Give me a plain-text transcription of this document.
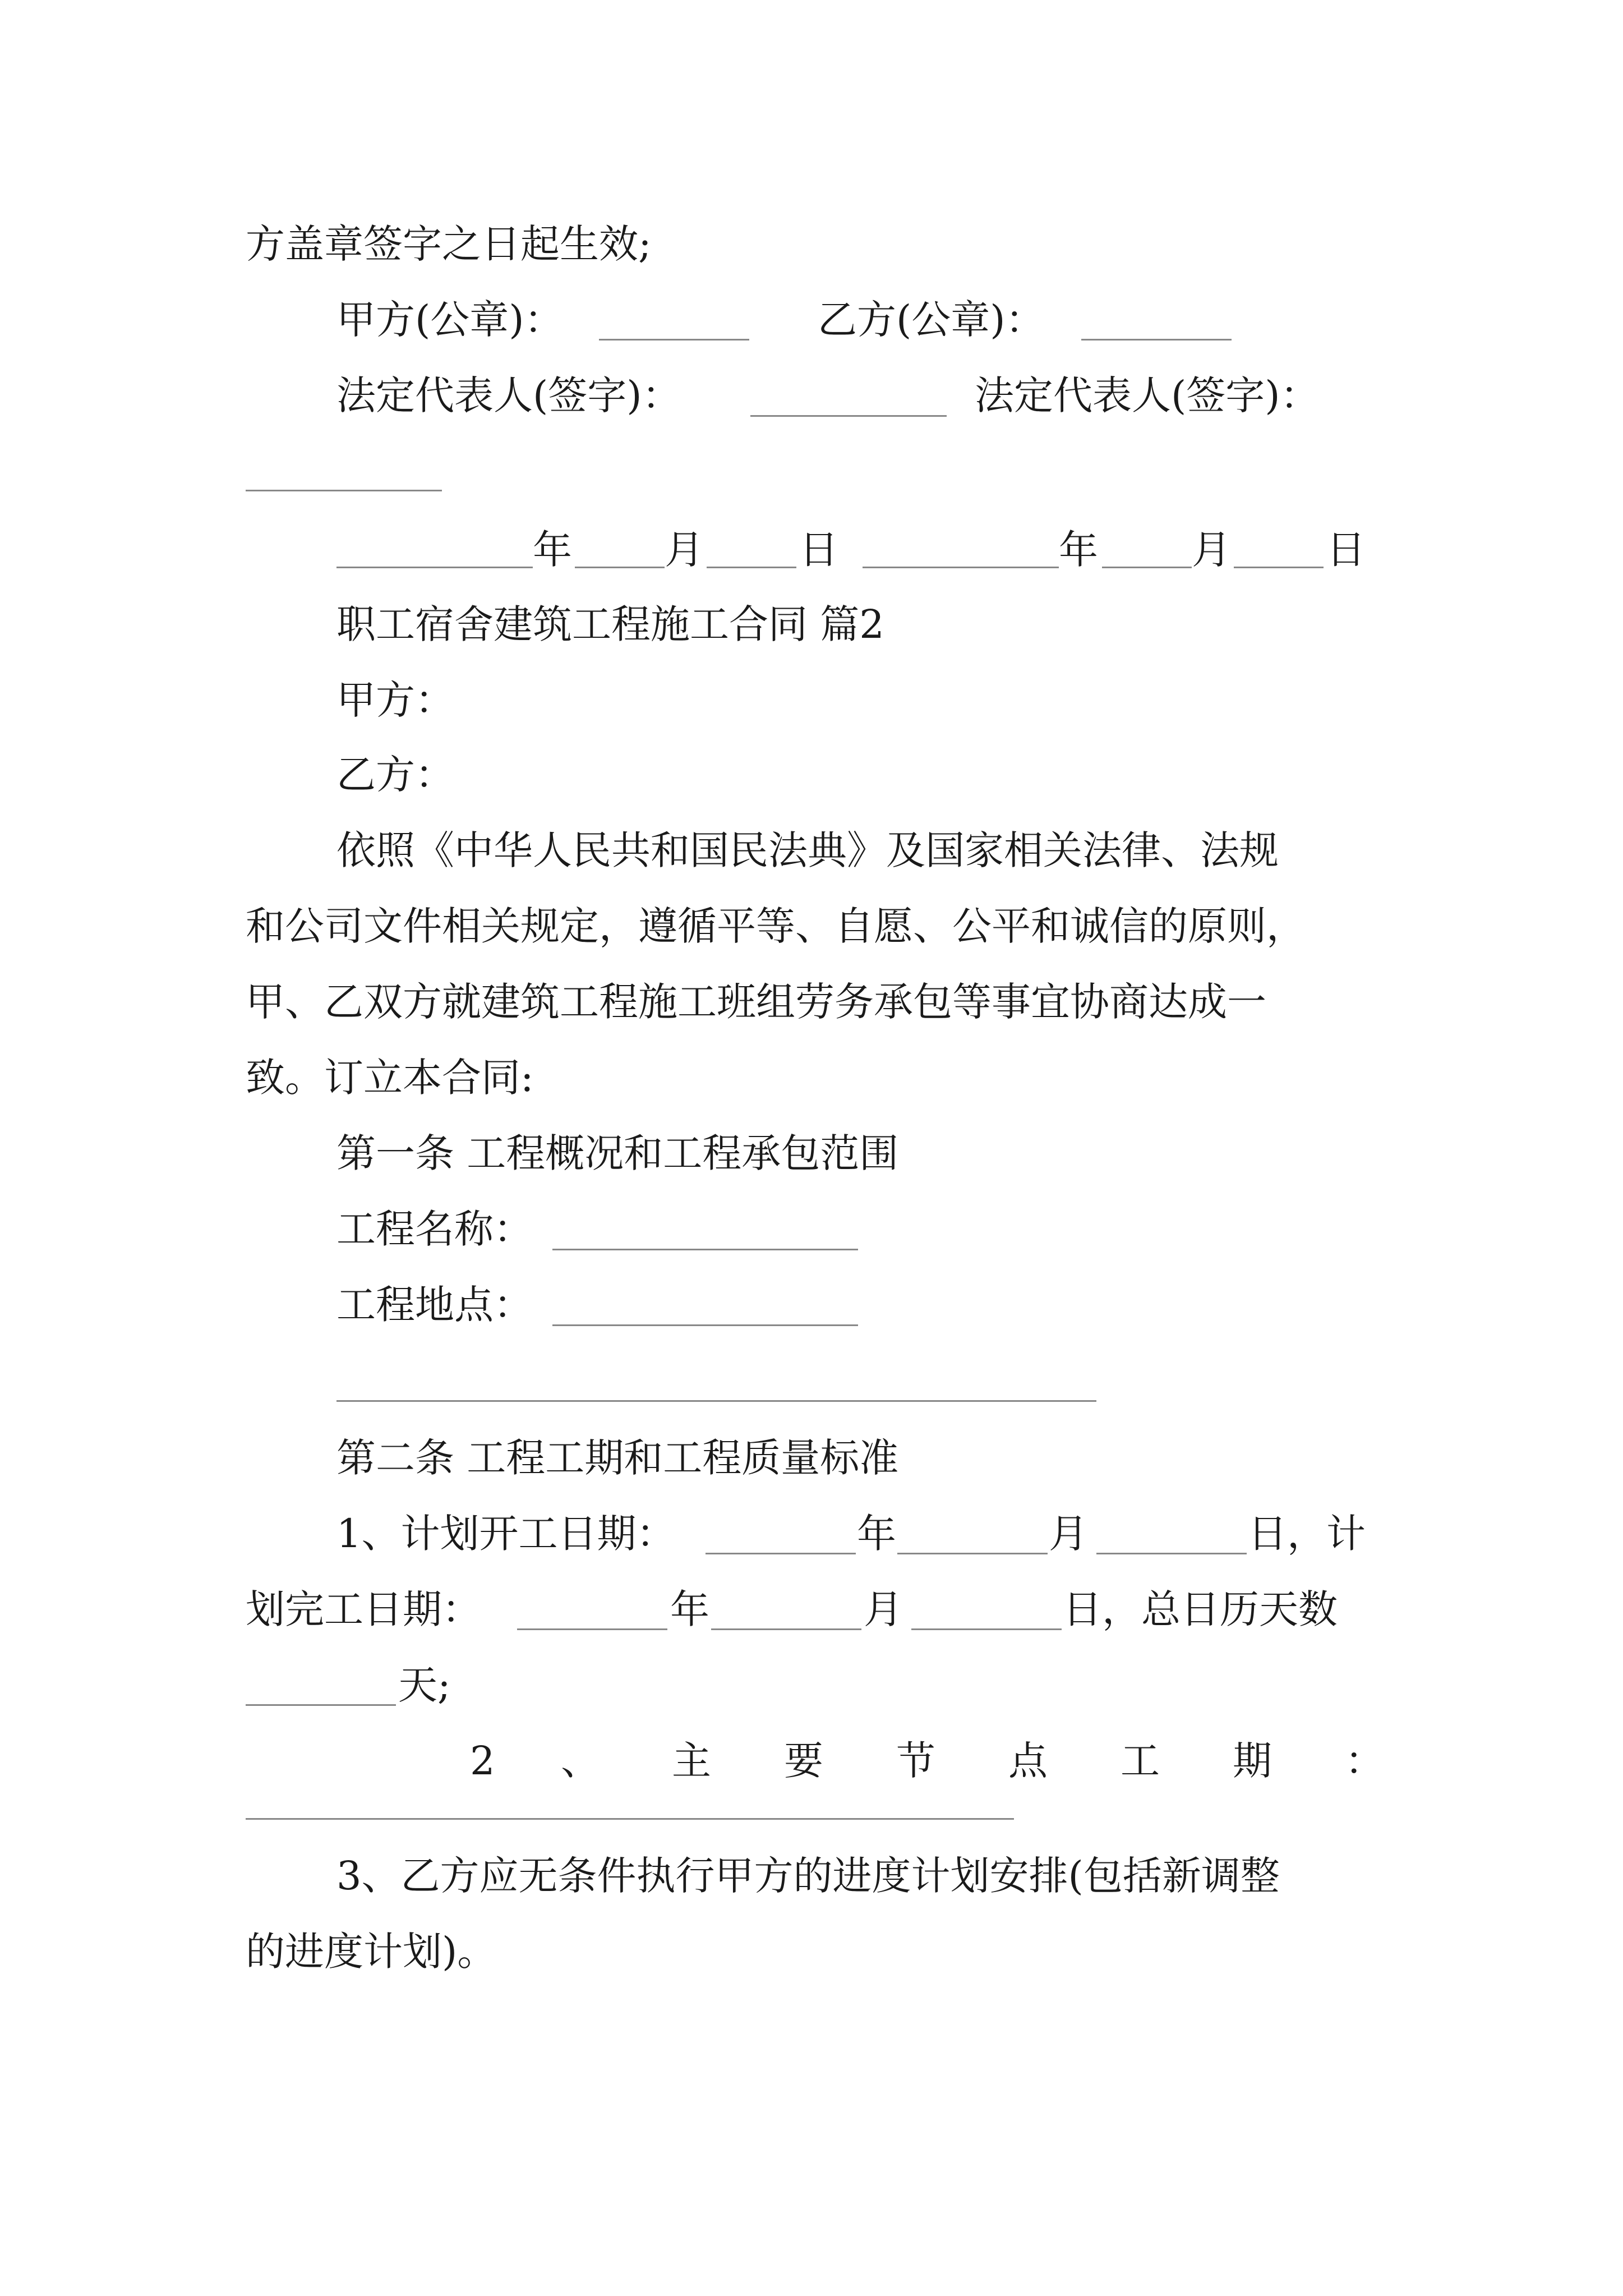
方盖章签字之日起生效;
甲方(公章)：	乙方(公章)：
法定代表人(签字)：	法定代表人(签字)：
年 月 日	年 月 日
职工宿舍建筑工程施工合同 篇2
甲方：
乙方：
依照《中华人民共和国民法典》及国家相关法律、法规
和公司文件相关规定，遵循平等、自愿、公平和诚信的原则，
甲、乙双方就建筑工程施工班组劳务承包等事宜协商达成一
致。订立本合同:
第一条 工程概况和工程承包范围
工程名称：
工程地点：
第二条 工程工期和工程质量标准
1、计划开工日期：	年	月	日，计
划完工日期：	年	月	日，总日历天数
天;
2 、 主 要 节 点 工 期 ：
3、乙方应无条件执行甲方的进度计划安排(包括新调整
的进度计划)。
